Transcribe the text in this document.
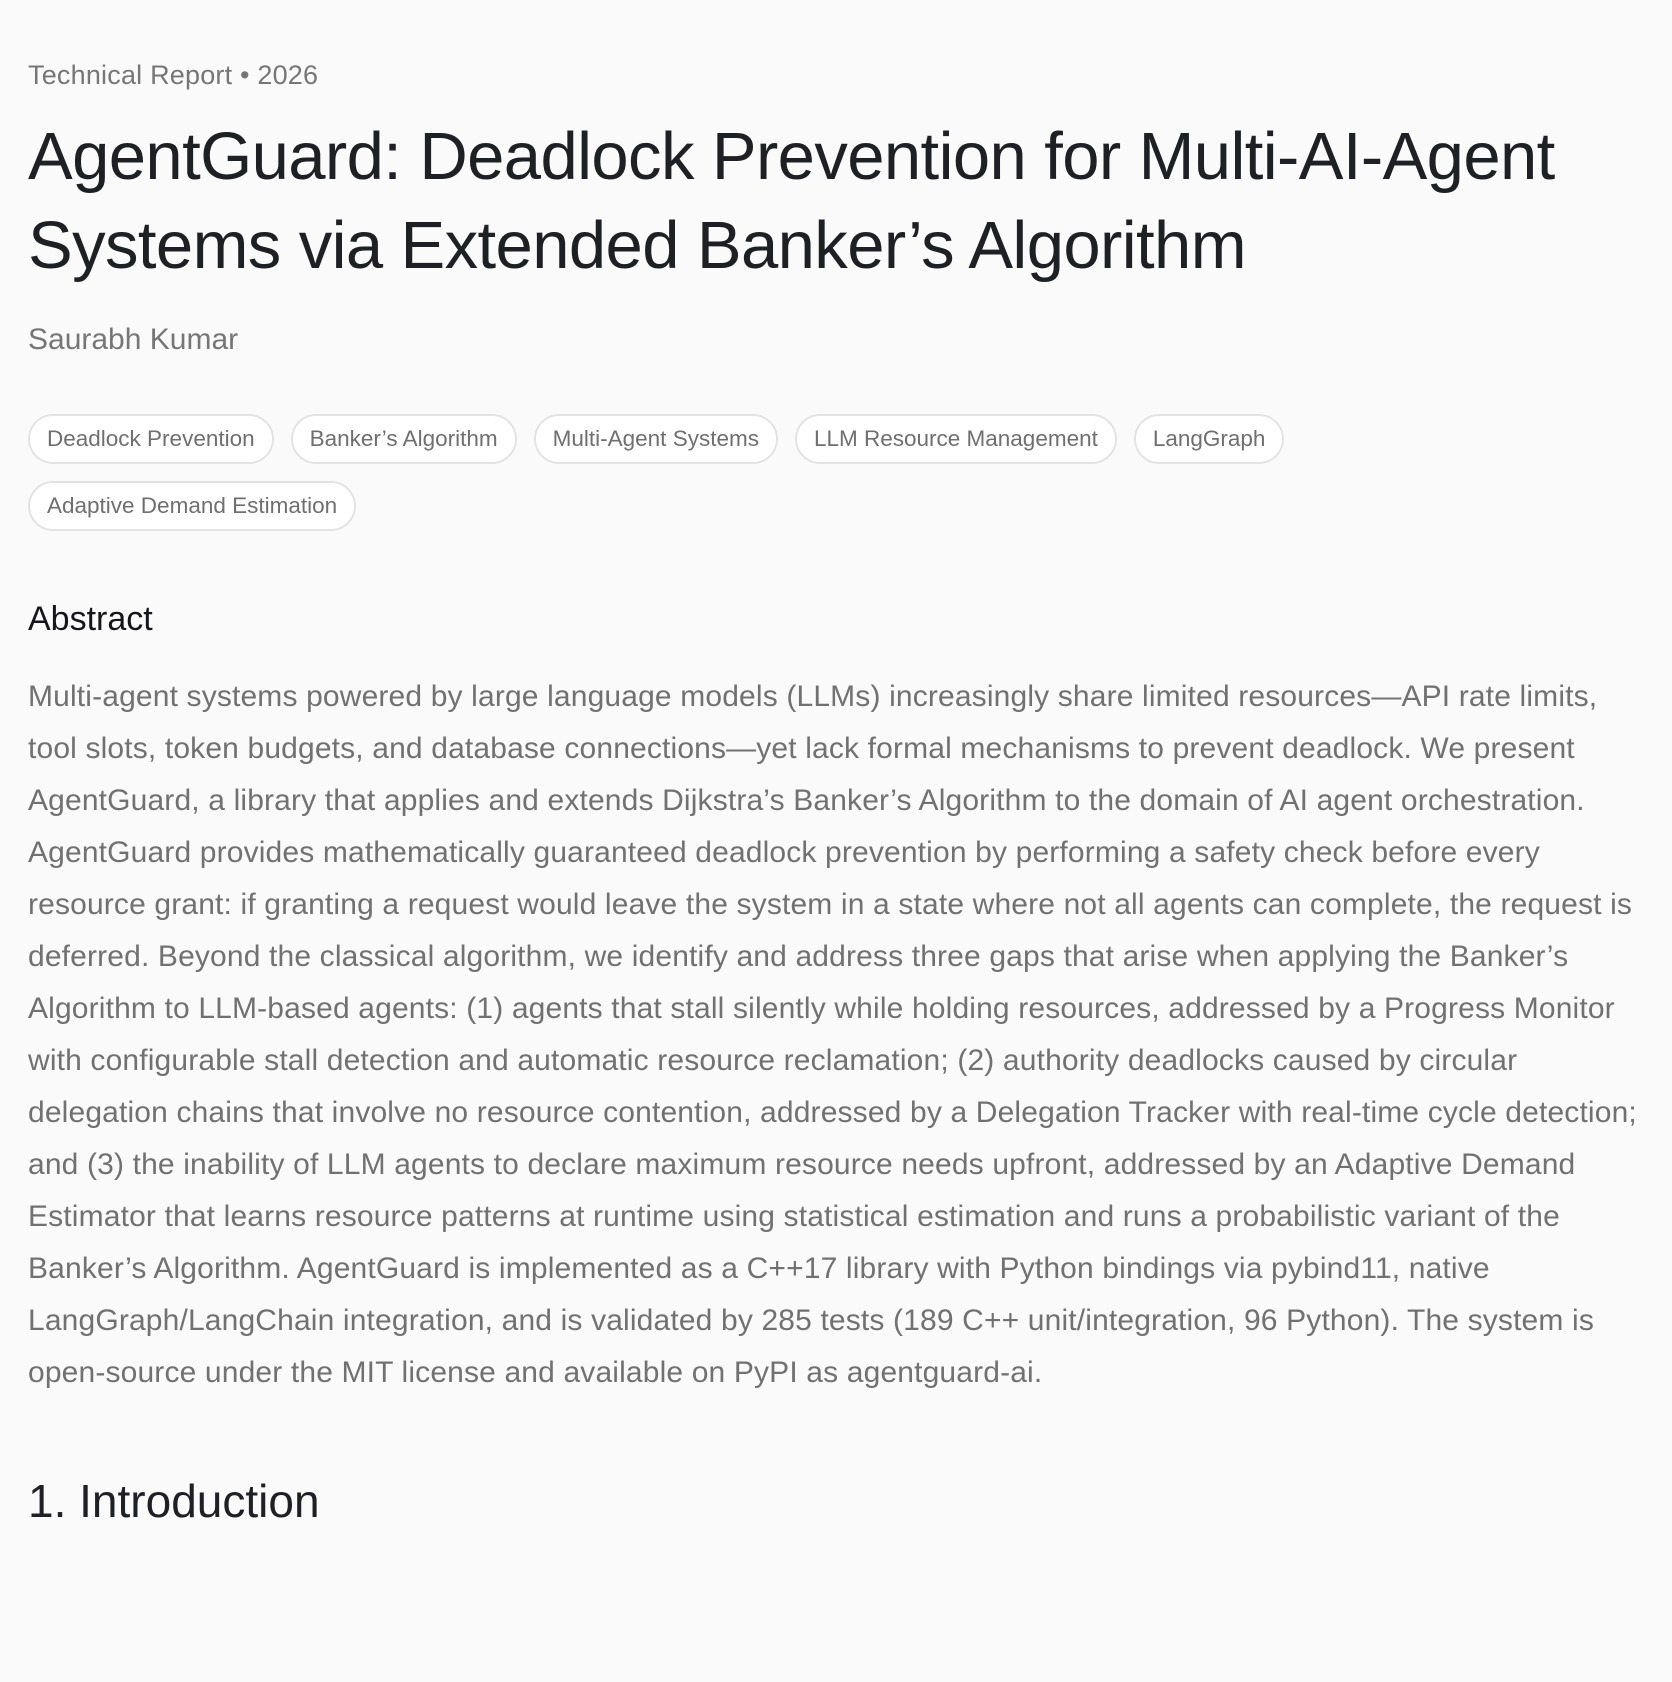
Technical Report • 2026

AgentGuard: Deadlock Prevention for Multi-AI-Agent Systems via Extended Banker’s Algorithm

Saurabh Kumar

Deadlock Prevention	Banker’s Algorithm	Multi-Agent Systems	LLM Resource Management	LangGraph
Adaptive Demand Estimation
Abstract

Multi-agent systems powered by large language models (LLMs) increasingly share limited resources—API rate limits, tool slots, token budgets, and database connections—yet lack formal mechanisms to prevent deadlock. We present AgentGuard, a library that applies and extends Dijkstra’s Banker’s Algorithm to the domain of AI agent orchestration. AgentGuard provides mathematically guaranteed deadlock prevention by performing a safety check before every resource grant: if granting a request would leave the system in a state where not all agents can complete, the request is deferred. Beyond the classical algorithm, we identify and address three gaps that arise when applying the Banker’s Algorithm to LLM-based agents: (1) agents that stall silently while holding resources, addressed by a Progress Monitor with configurable stall detection and automatic resource reclamation; (2) authority deadlocks caused by circular delegation chains that involve no resource contention, addressed by a Delegation Tracker with real-time cycle detection; and (3) the inability of LLM agents to declare maximum resource needs upfront, addressed by an Adaptive Demand Estimator that learns resource patterns at runtime using statistical estimation and runs a probabilistic variant of the Banker’s Algorithm. AgentGuard is implemented as a C++17 library with Python bindings via pybind11, native LangGraph/LangChain integration, and is validated by 285 tests (189 C++ unit/integration, 96 Python). The system is open-source under the MIT license and available on PyPI as agentguard-ai.

1. Introduction
